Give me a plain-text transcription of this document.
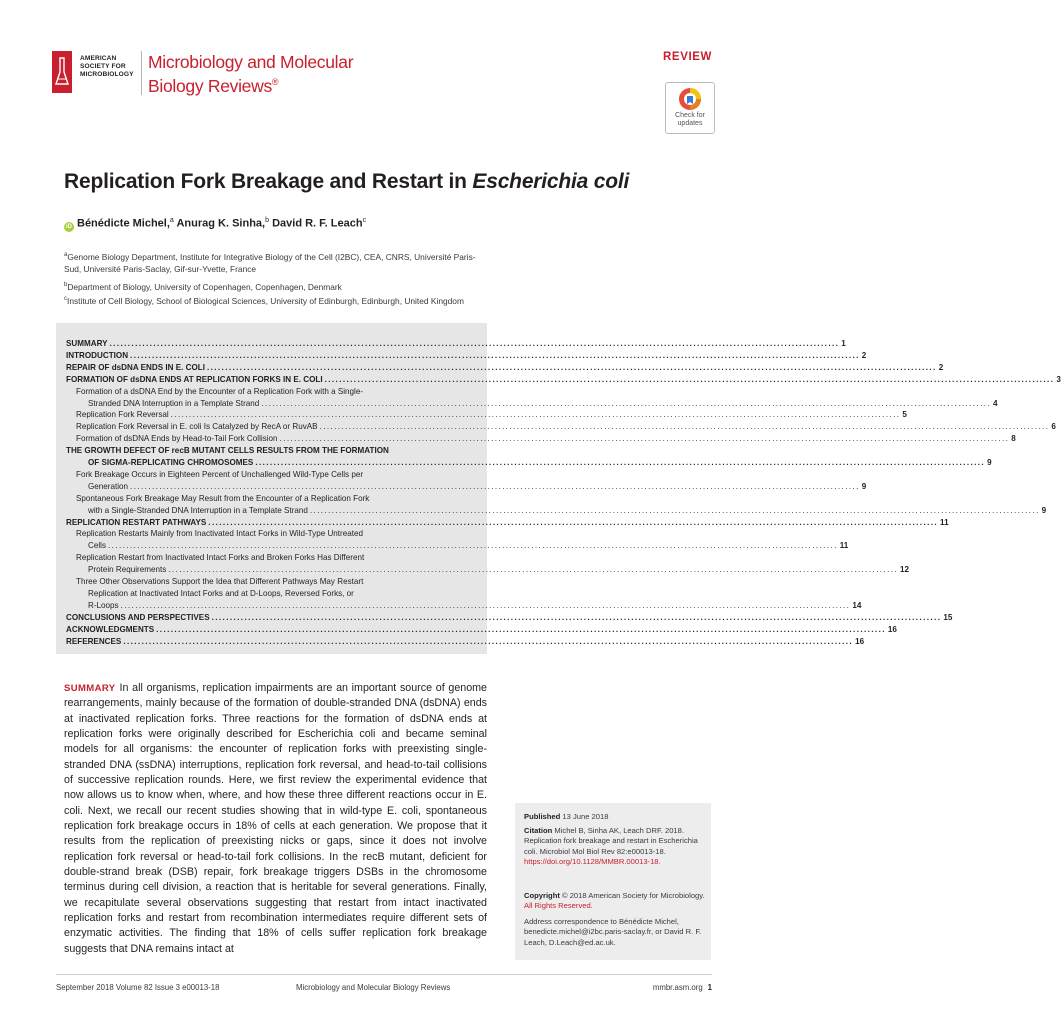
AMERICAN
SOCIETY FOR
MICROBIOLOGY
Microbiology and Molecular
Biology Reviews®
REVIEW
Check for
updates
Replication Fork Breakage and Restart in Escherichia coli
iD Bénédicte Michel,$^a$ Anurag K. Sinha,$^b$ David R. F. Leach$^c$
$^a$Genome Biology Department, Institute for Integrative Biology of the Cell (I2BC), CEA, CNRS, Université Paris-Sud, Université Paris-Saclay, Gif-sur-Yvette, France
$^b$Department of Biology, University of Copenhagen, Copenhagen, Denmark
$^c$Institute of Cell Biology, School of Biological Sciences, University of Edinburgh, Edinburgh, United Kingdom
SUMMARY ........................................................................................................................................................................................................ 1
INTRODUCTION ........................................................................................................................................................................................................ 2
REPAIR OF dsDNA ENDS IN E. COLI ........................................................................................................................................................................................................ 2
FORMATION OF dsDNA ENDS AT REPLICATION FORKS IN E. COLI ........................................................................................................................................................................................................ 3
Formation of a dsDNA End by the Encounter of a Replication Fork with a Single-
Stranded DNA Interruption in a Template Strand ........................................................................................................................................................................................................ 4
Replication Fork Reversal ........................................................................................................................................................................................................ 5
Replication Fork Reversal in E. coli Is Catalyzed by RecA or RuvAB ........................................................................................................................................................................................................ 6
Formation of dsDNA Ends by Head-to-Tail Fork Collision ........................................................................................................................................................................................................ 8
THE GROWTH DEFECT OF recB MUTANT CELLS RESULTS FROM THE FORMATION
OF SIGMA-REPLICATING CHROMOSOMES ........................................................................................................................................................................................................ 9
Fork Breakage Occurs in Eighteen Percent of Unchallenged Wild-Type Cells per
Generation ........................................................................................................................................................................................................ 9
Spontaneous Fork Breakage May Result from the Encounter of a Replication Fork
with a Single-Stranded DNA Interruption in a Template Strand ........................................................................................................................................................................................................ 9
REPLICATION RESTART PATHWAYS ........................................................................................................................................................................................................ 11
Replication Restarts Mainly from Inactivated Intact Forks in Wild-Type Untreated
Cells ........................................................................................................................................................................................................ 11
Replication Restart from Inactivated Intact Forks and Broken Forks Has Different
Protein Requirements ........................................................................................................................................................................................................ 12
Three Other Observations Support the Idea that Different Pathways May Restart
Replication at Inactivated Intact Forks and at D-Loops, Reversed Forks, or
R-Loops ........................................................................................................................................................................................................ 14
CONCLUSIONS AND PERSPECTIVES ........................................................................................................................................................................................................ 15
ACKNOWLEDGMENTS ........................................................................................................................................................................................................ 16
REFERENCES ........................................................................................................................................................................................................ 16
SUMMARY In all organisms, replication impairments are an important source of genome rearrangements, mainly because of the formation of double-stranded DNA (dsDNA) ends at inactivated replication forks. Three reactions for the formation of dsDNA ends at replication forks were originally described for Escherichia coli and became seminal models for all organisms: the encounter of replication forks with preexisting single-stranded DNA (ssDNA) interruptions, replication fork reversal, and head-to-tail collisions of successive replication rounds. Here, we first review the experimental evidence that now allows us to know when, where, and how these three different reactions occur in E. coli. Next, we recall our recent studies showing that in wild-type E. coli, spontaneous replication fork breakage occurs in 18% of cells at each generation. We propose that it results from the replication of preexisting nicks or gaps, since it does not involve replication fork reversal or head-to-tail fork collisions. In the recB mutant, deficient for double-strand break (DSB) repair, fork breakage triggers DSBs in the chromosome terminus during cell division, a reaction that is heritable for several generations. Finally, we recapitulate several observations suggesting that restart from intact inactivated replication forks and restart from recombination intermediates require different sets of enzymatic activities. The finding that 18% of cells suffer replication fork breakage suggests that DNA remains intact at
Published 13 June 2018
Citation Michel B, Sinha AK, Leach DRF. 2018. Replication fork breakage and restart in Escherichia coli. Microbiol Mol Biol Rev 82:e00013-18. https://doi.org/10.1128/MMBR.00013-18.
Copyright © 2018 American Society for Microbiology. All Rights Reserved.
Address correspondence to Bénédicte Michel, benedicte.michel@i2bc.paris-saclay.fr, or David R. F. Leach, D.Leach@ed.ac.uk.
September 2018 Volume 82 Issue 3 e00013-18	Microbiology and Molecular Biology Reviews	mmbr.asm.org 1
